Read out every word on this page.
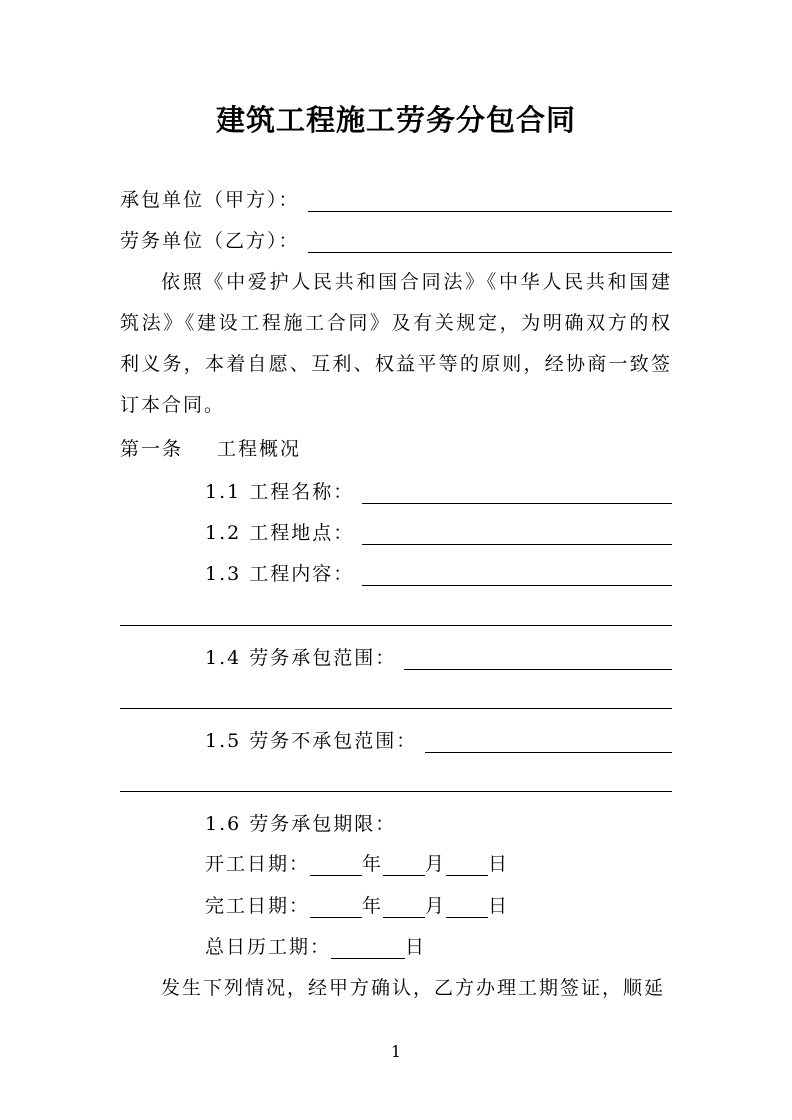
建筑工程施工劳务分包合同
承包单位（甲方）：
劳务单位（乙方）：

依照《中爱护人民共和国合同法》《中华人民共和国建筑法》《建设工程施工合同》及有关规定，为明确双方的权利义务，本着自愿、互利、权益平等的原则，经协商一致签订本合同。

第一条 工程概况
1.1 工程名称：
1.2 工程地点：
1.3 工程内容：
1.4 劳务承包范围：
1.5 劳务不承包范围：
1.6 劳务承包期限：
开工日期：	年 月 日
完工日期：	年 月 日
总日历工期：	日

发生下列情况，经甲方确认，乙方办理工期签证，顺延

1
